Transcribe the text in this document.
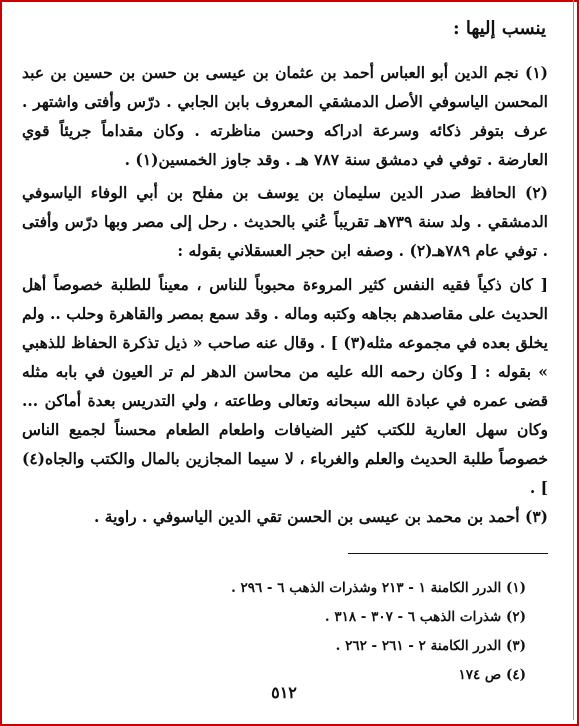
ينسب إليها :
(١) نجم الدين أبو العباس أحمد بن عثمان بن عيسى بن حسن بن حسين بن عبد المحسن الياسوفي الأصل الدمشقي المعروف بابن الجابي . درّس وأفتى واشتهر . عرف بتوفر ذكائه وسرعة ادراكه وحسن مناظرته . وكان مقداماً جريئاً قوي العارضة . توفي في دمشق سنة ٧٨٧ هـ . وقد جاوز الخمسين(١) .
(٢) الحافظ صدر الدين سليمان بن يوسف بن مفلح بن أبي الوفاء الياسوفي الدمشقي . ولد سنة ٧٣٩هـ تقريباً عُني بالحديث . رحل إلى مصر وبها درّس وأفتى . توفي عام ٧٨٩هـ(٢) . وصفه ابن حجر العسقلاني بقوله :
[ كان ذكياً فقيه النفس كثير المروءة محبوباً للناس ، معيناً للطلبة خصوصاً أهل الحديث على مقاصدهم بجاهه وكتبه وماله . وقد سمع بمصر والقاهرة وحلب .. ولم يخلق بعده في مجموعه مثله(٣) ] . وقال عنه صاحب « ذيل تذكرة الحفاظ للذهبي » بقوله : [ وكان رحمه الله عليه من محاسن الدهر لم تر العيون في بابه مثله قضى عمره في عبادة الله سبحانه وتعالى وطاعته ، ولي التدريس بعدة أماكن ... وكان سهل العارية للكتب كثير الضيافات واطعام الطعام محسناً لجميع الناس خصوصاً طلبة الحديث والعلم والغرباء ، لا سيما المجازين بالمال والكتب والجاه(٤) ] .
(٣) أحمد بن محمد بن عيسى بن الحسن تقي الدين الياسوفي . راوية .
(١) الدرر الكامنة ١ - ٢١٣ وشذرات الذهب ٦ - ٢٩٦ .
(٢) شذرات الذهب ٦ - ٣٠٧ - ٣١٨ .
(٣) الدرر الكامنة ٢ - ٢٦١ - ٢٦٢ .
(٤) ص ١٧٤
٥١٢
